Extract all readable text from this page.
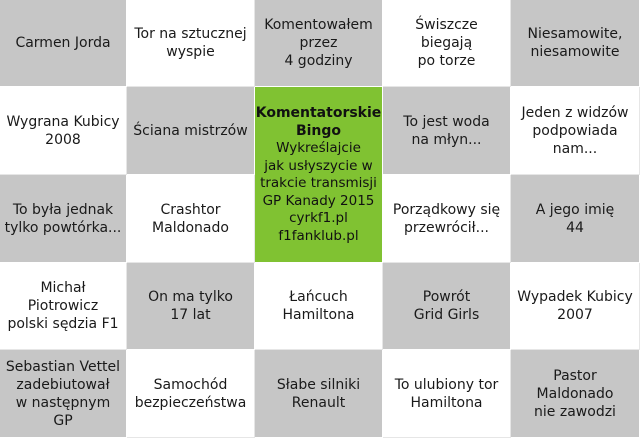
Carmen Jorda
Tor na sztucznej
wyspie
Komentowałem
przez
4 godziny
Świszcze
biegają
po torze
Niesamowite,
niesamowite
Wygrana Kubicy
2008
Ściana mistrzów
Komentatorskie
Bingo
Wykreślajcie
jak usłyszycie w
trakcie transmisji
GP Kanady 2015
cyrkf1.pl
f1fanklub.pl
To jest woda
na młyn...
Jeden z widzów
podpowiada nam...
To była jednak
tylko powtórka...
Crashtor
Maldonado
Porządkowy się
przewrócił...
A jego imię
44
Michał Piotrowicz
polski sędzia F1
On ma tylko
17 lat
Łańcuch
Hamiltona
Powrót
Grid Girls
Wypadek Kubicy
2007
Sebastian Vettel
zadebiutował
w następnym GP
Samochód
bezpieczeństwa
Słabe silniki
Renault
To ulubiony tor
Hamiltona
Pastor Maldonado
nie zawodzi
